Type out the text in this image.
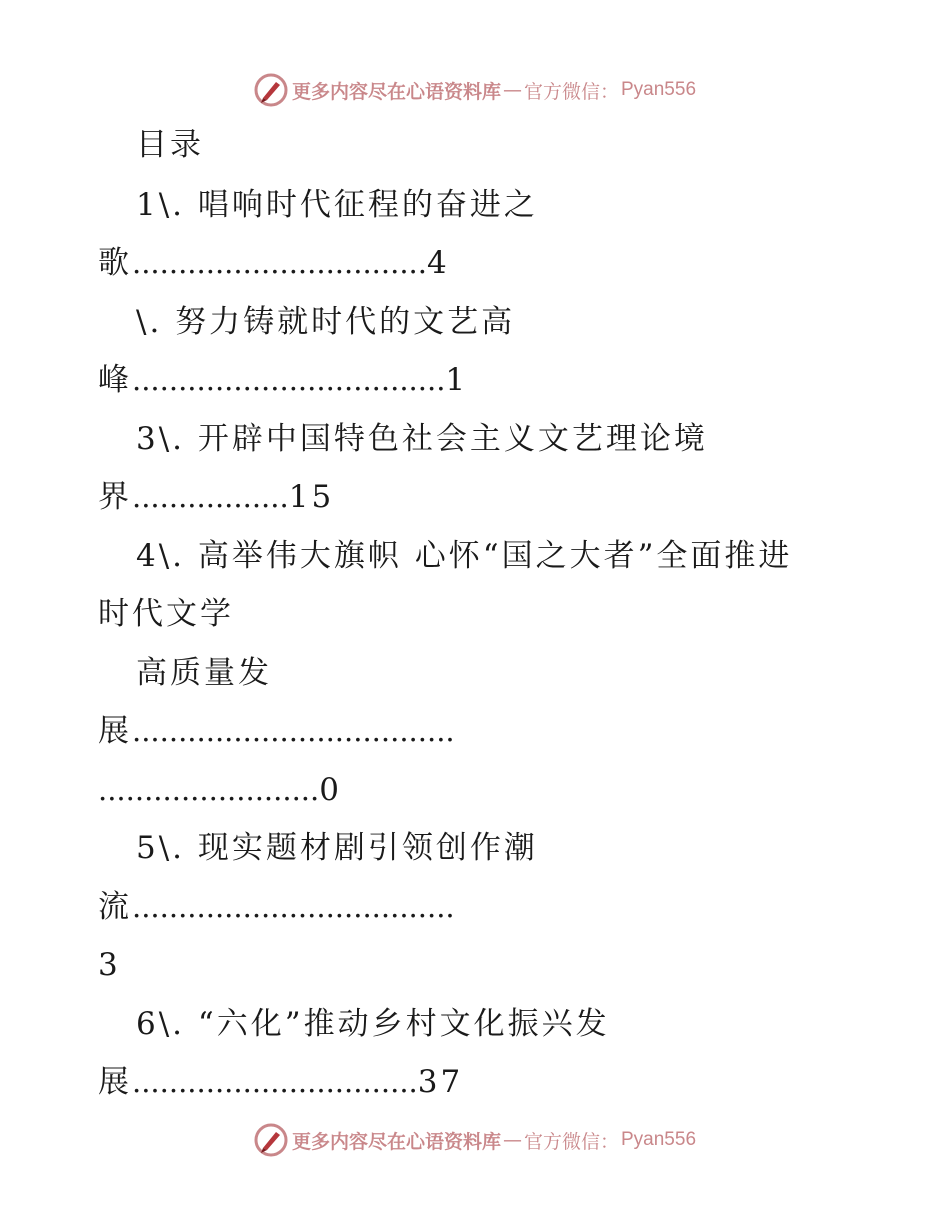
更多内容尽在心语资料库 — 官方微信： Pyan556
目录
1\. 唱响时代征程的奋进之
歌................................4
\. 努力铸就时代的文艺高
峰..................................1
3\. 开辟中国特色社会主义文艺理论境
界.................15
4\. 高举伟大旗帜 心怀“国之大者”全面推进
时代文学
高质量发
展...................................
........................0
5\. 现实题材剧引领创作潮
流...................................
3
6\. “六化”推动乡村文化振兴发
展...............................37
更多内容尽在心语资料库 — 官方微信： Pyan556
